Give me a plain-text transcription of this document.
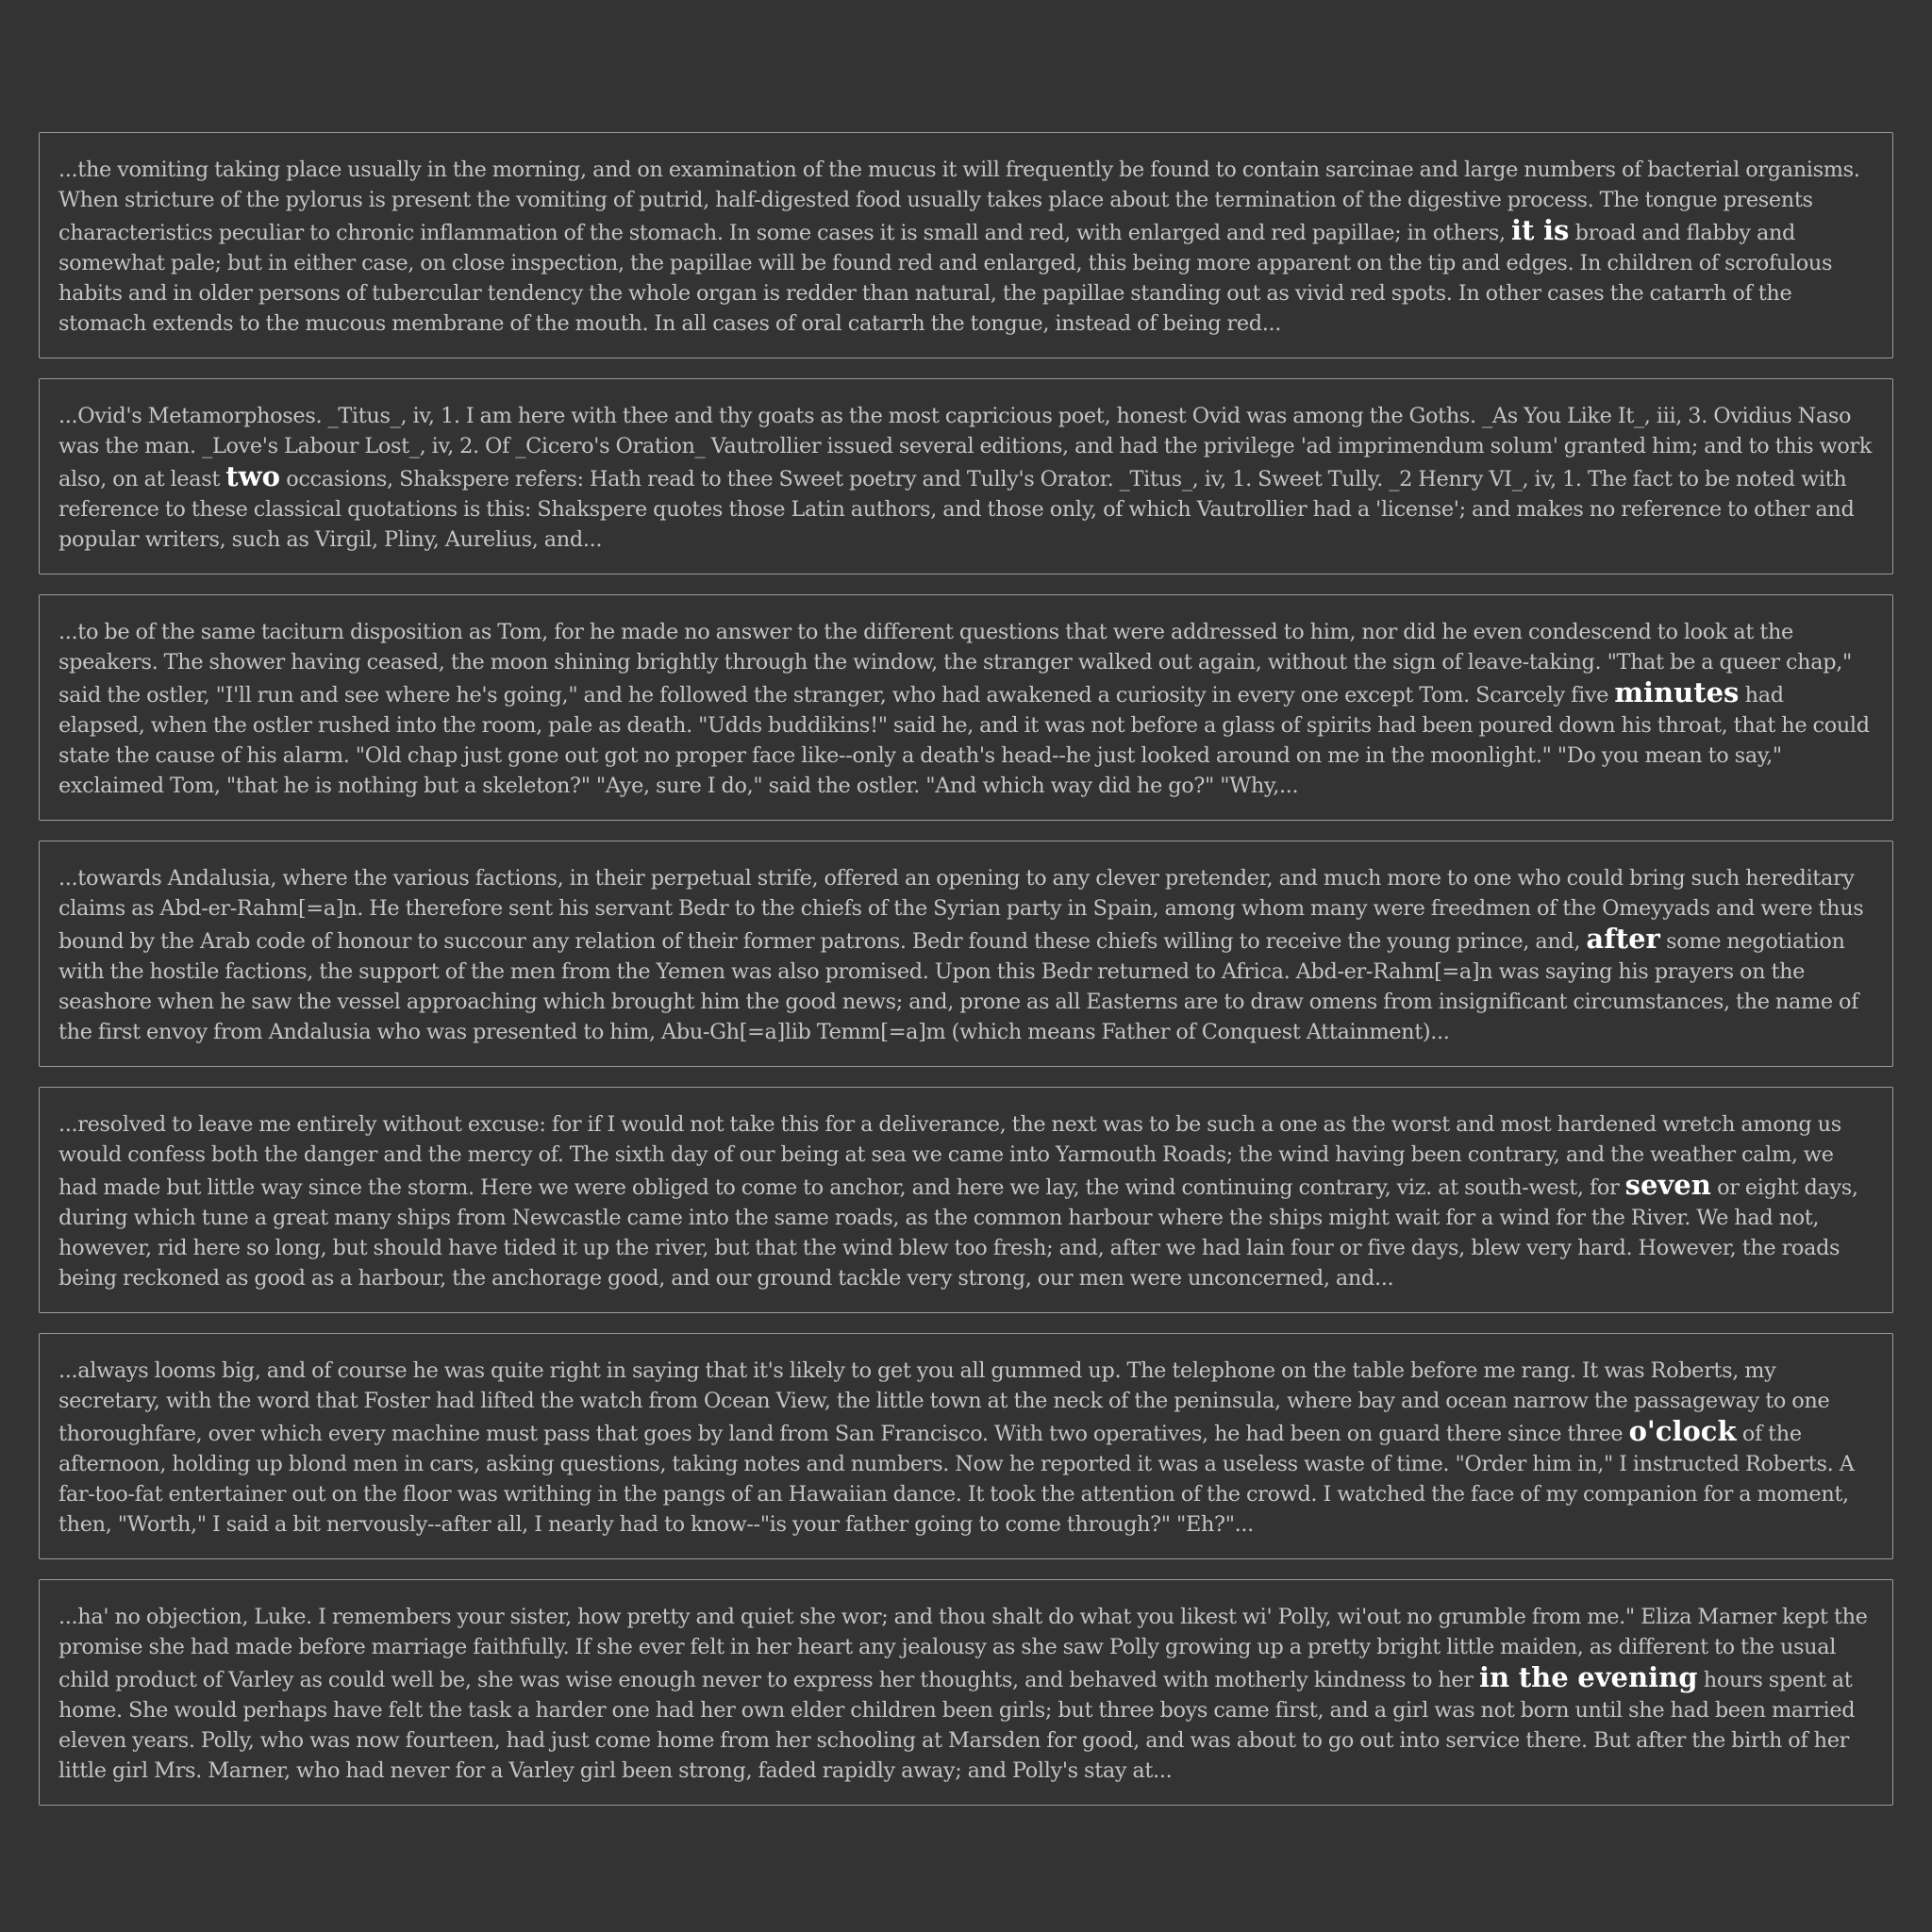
...the vomiting taking place usually in the morning, and on examination of the mucus it will frequently be found to contain sarcinae and large numbers of bacterial organisms. When stricture of the pylorus is present the vomiting of putrid, half-digested food usually takes place about the termination of the digestive process. The tongue presents characteristics peculiar to chronic inflammation of the stomach. In some cases it is small and red, with enlarged and red papillae; in others, it is broad and flabby and somewhat pale; but in either case, on close inspection, the papillae will be found red and enlarged, this being more apparent on the tip and edges. In children of scrofulous habits and in older persons of tubercular tendency the whole organ is redder than natural, the papillae standing out as vivid red spots. In other cases the catarrh of the stomach extends to the mucous membrane of the mouth. In all cases of oral catarrh the tongue, instead of being red...
...Ovid's Metamorphoses. _Titus_, iv, 1. I am here with thee and thy goats as the most capricious poet, honest Ovid was among the Goths. _As You Like It_, iii, 3. Ovidius Naso was the man. _Love's Labour Lost_, iv, 2. Of _Cicero's Oration_ Vautrollier issued several editions, and had the privilege 'ad imprimendum solum' granted him; and to this work also, on at least two occasions, Shakspere refers: Hath read to thee Sweet poetry and Tully's Orator. _Titus_, iv, 1. Sweet Tully. _2 Henry VI_, iv, 1. The fact to be noted with reference to these classical quotations is this: Shakspere quotes those Latin authors, and those only, of which Vautrollier had a 'license'; and makes no reference to other and popular writers, such as Virgil, Pliny, Aurelius, and...
...to be of the same taciturn disposition as Tom, for he made no answer to the different questions that were addressed to him, nor did he even condescend to look at the speakers. The shower having ceased, the moon shining brightly through the window, the stranger walked out again, without the sign of leave-taking. "That be a queer chap," said the ostler, "I'll run and see where he's going," and he followed the stranger, who had awakened a curiosity in every one except Tom. Scarcely five minutes had elapsed, when the ostler rushed into the room, pale as death. "Udds buddikins!" said he, and it was not before a glass of spirits had been poured down his throat, that he could state the cause of his alarm. "Old chap just gone out got no proper face like--only a death's head--he just looked around on me in the moonlight." "Do you mean to say," exclaimed Tom, "that he is nothing but a skeleton?" "Aye, sure I do," said the ostler. "And which way did he go?" "Why,...
...towards Andalusia, where the various factions, in their perpetual strife, offered an opening to any clever pretender, and much more to one who could bring such hereditary claims as Abd-er-Rahm[=a]n. He therefore sent his servant Bedr to the chiefs of the Syrian party in Spain, among whom many were freedmen of the Omeyyads and were thus bound by the Arab code of honour to succour any relation of their former patrons. Bedr found these chiefs willing to receive the young prince, and, after some negotiation with the hostile factions, the support of the men from the Yemen was also promised. Upon this Bedr returned to Africa. Abd-er-Rahm[=a]n was saying his prayers on the seashore when he saw the vessel approaching which brought him the good news; and, prone as all Easterns are to draw omens from insignificant circumstances, the name of the first envoy from Andalusia who was presented to him, Abu-Gh[=a]lib Temm[=a]m (which means Father of Conquest Attainment)...
...resolved to leave me entirely without excuse: for if I would not take this for a deliverance, the next was to be such a one as the worst and most hardened wretch among us would confess both the danger and the mercy of. The sixth day of our being at sea we came into Yarmouth Roads; the wind having been contrary, and the weather calm, we had made but little way since the storm. Here we were obliged to come to anchor, and here we lay, the wind continuing contrary, viz. at south-west, for seven or eight days, during which tune a great many ships from Newcastle came into the same roads, as the common harbour where the ships might wait for a wind for the River. We had not, however, rid here so long, but should have tided it up the river, but that the wind blew too fresh; and, after we had lain four or five days, blew very hard. However, the roads being reckoned as good as a harbour, the anchorage good, and our ground tackle very strong, our men were unconcerned, and...
...always looms big, and of course he was quite right in saying that it's likely to get you all gummed up. The telephone on the table before me rang. It was Roberts, my secretary, with the word that Foster had lifted the watch from Ocean View, the little town at the neck of the peninsula, where bay and ocean narrow the passageway to one thoroughfare, over which every machine must pass that goes by land from San Francisco. With two operatives, he had been on guard there since three o'clock of the afternoon, holding up blond men in cars, asking questions, taking notes and numbers. Now he reported it was a useless waste of time. "Order him in," I instructed Roberts. A far-too-fat entertainer out on the floor was writhing in the pangs of an Hawaiian dance. It took the attention of the crowd. I watched the face of my companion for a moment, then, "Worth," I said a bit nervously--after all, I nearly had to know--"is your father going to come through?" "Eh?"...
...ha' no objection, Luke. I remembers your sister, how pretty and quiet she wor; and thou shalt do what you likest wi' Polly, wi'out no grumble from me." Eliza Marner kept the promise she had made before marriage faithfully. If she ever felt in her heart any jealousy as she saw Polly growing up a pretty bright little maiden, as different to the usual child product of Varley as could well be, she was wise enough never to express her thoughts, and behaved with motherly kindness to her in the evening hours spent at home. She would perhaps have felt the task a harder one had her own elder children been girls; but three boys came first, and a girl was not born until she had been married eleven years. Polly, who was now fourteen, had just come home from her schooling at Marsden for good, and was about to go out into service there. But after the birth of her little girl Mrs. Marner, who had never for a Varley girl been strong, faded rapidly away; and Polly's stay at...
